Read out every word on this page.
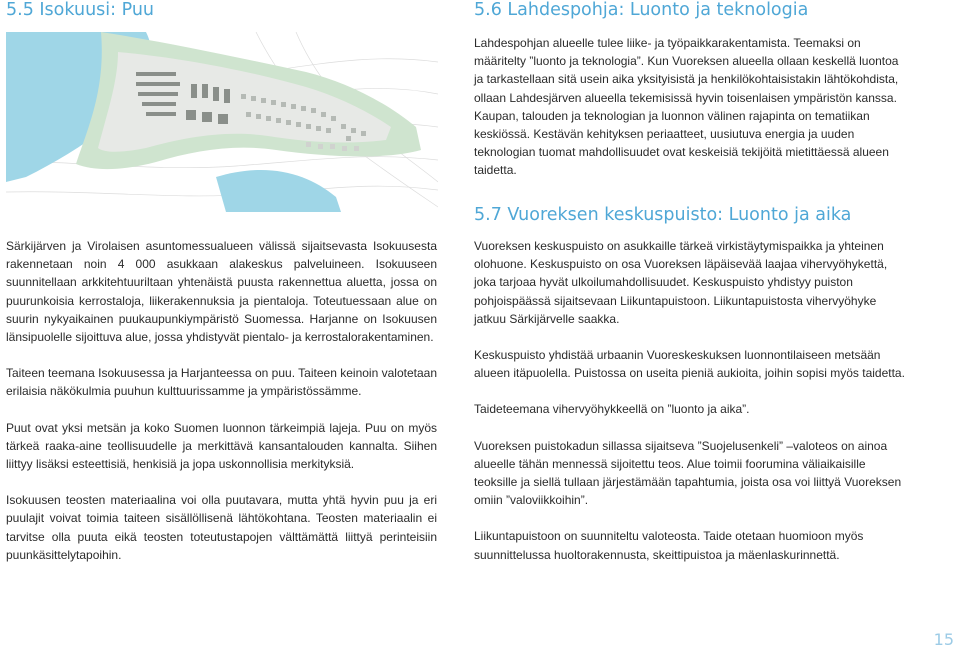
5.5 Isokuusi: Puu

Särkijärven ja Virolaisen asuntomessualueen välissä sijaitsevasta Isokuusesta rakennetaan noin 4 000 asukkaan alakeskus palveluineen. Isokuuseen suunnitellaan arkkitehtuuriltaan yhtenäistä puusta rakennettua aluetta, jossa on puurunkoisia kerrostaloja, liikerakennuksia ja pientaloja. Toteutuessaan alue on suurin nykyaikainen puukaupunkiympäristö Suomessa. Harjanne on Isokuusen länsipuolelle sijoittuva alue, jossa yhdistyvät pientalo- ja kerrostalorakentaminen.

Taiteen teemana Isokuusessa ja Harjanteessa on puu. Taiteen keinoin valotetaan erilaisia näkökulmia puuhun kulttuurissamme ja ympäristössämme.

Puut ovat yksi metsän ja koko Suomen luonnon tärkeimpiä lajeja. Puu on myös tärkeä raaka-aine teollisuudelle ja merkittävä kansantalouden kannalta. Siihen liittyy lisäksi esteettisiä, henkisiä ja jopa uskonnollisia merkityksiä.

Isokuusen teosten materiaalina voi olla puutavara, mutta yhtä hyvin puu ja eri puulajit voivat toimia taiteen sisällöllisenä lähtökohtana. Teosten materiaalin ei tarvitse olla puuta eikä teosten toteutustapojen välttämättä liittyä perinteisiin puunkäsittelytapoihin.

5.6 Lahdespohja: Luonto ja teknologia

Lahdespohjan alueelle tulee liike- ja työpaikkarakentamista. Teemaksi on määritelty ”luonto ja teknologia”. Kun Vuoreksen alueella ollaan keskellä luontoa ja tarkastellaan sitä usein aika yksityisistä ja henkilökohtaisistakin lähtökohdista, ollaan Lahdesjärven alueella tekemisissä hyvin toisenlaisen ympäristön kanssa. Kaupan, talouden ja teknologian ja luonnon välinen rajapinta on tematiikan keskiössä. Kestävän kehityksen periaatteet, uusiutuva energia ja uuden teknologian tuomat mahdollisuudet ovat keskeisiä tekijöitä mietittäessä alueen taidetta.

5.7 Vuoreksen keskuspuisto: Luonto ja aika

Vuoreksen keskuspuisto on asukkaille tärkeä virkistäytymispaikka ja yhteinen olohuone. Keskuspuisto on osa Vuoreksen läpäisevää laajaa vihervyöhykettä, joka tarjoaa hyvät ulkoilumahdollisuudet. Keskuspuisto yhdistyy puiston pohjoispäässä sijaitsevaan Liikuntapuistoon. Liikuntapuistosta vihervyöhyke jatkuu Särkijärvelle saakka.

Keskuspuisto yhdistää urbaanin Vuoreskeskuksen luonnontilaiseen metsään alueen itäpuolella. Puistossa on useita pieniä aukioita, joihin sopisi myös taidetta.

Taideteemana vihervyöhykkeellä on ”luonto ja aika”.

Vuoreksen puistokadun sillassa sijaitseva ”Suojelusenkeli” –valoteos on ainoa alueelle tähän mennessä sijoitettu teos. Alue toimii foorumina väliaikaisille teoksille ja siellä tullaan järjestämään tapahtumia, joista osa voi liittyä Vuoreksen omiin ”valoviikkoihin”.

Liikuntapuistoon on suunniteltu valoteosta. Taide otetaan huomioon myös suunnittelussa huoltorakennusta, skeittipuistoa ja mäenlaskurinnettä.

15
